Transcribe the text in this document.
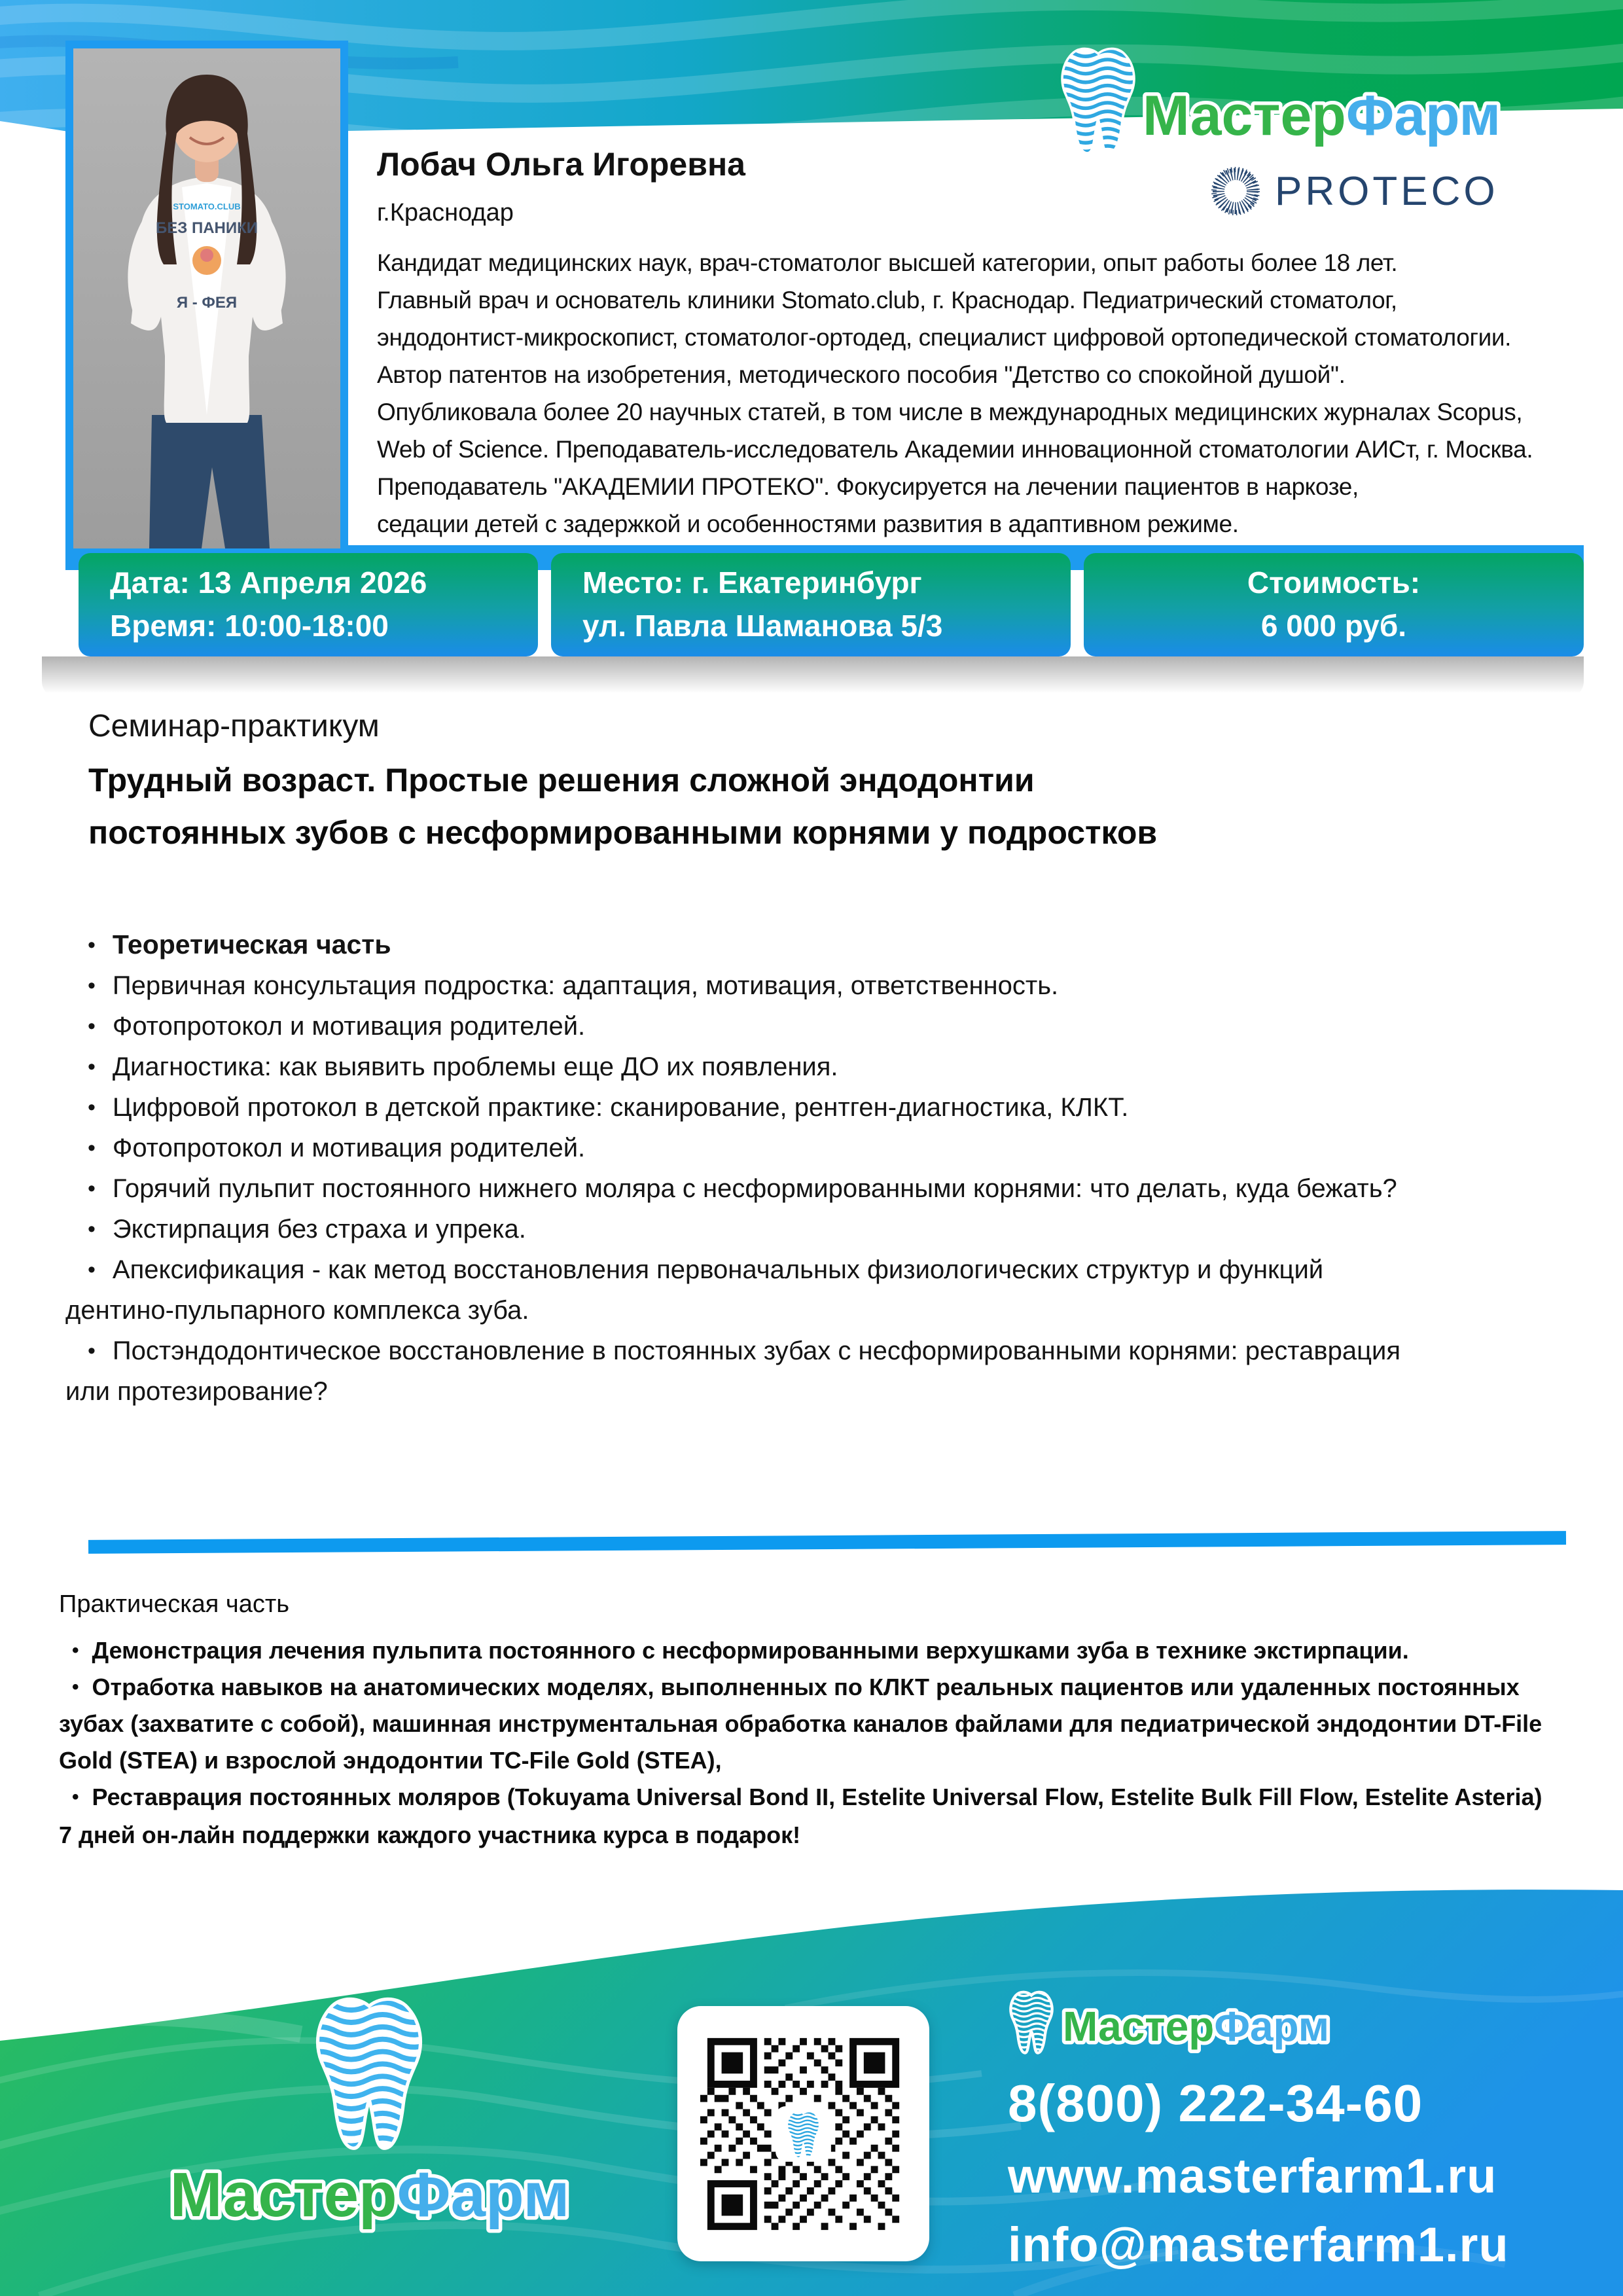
STOMATO.CLUB
БЕЗ ПАНИКИ
Я - ФЕЯ
МастерФарм
PROTECO
Лобач Ольга Игоревна
г.Краснодар
Кандидат медицинских наук, врач-стоматолог высшей категории, опыт работы более 18 лет.
Главный врач и основатель клиники Stomato.club, г. Краснодар. Педиатрический стоматолог,
эндодонтист-микроскопист, стоматолог-ортодед, специалист цифровой ортопедической стоматологии.
Автор патентов на изобретения, методического пособия "Детство со спокойной душой".
Опубликовала более 20 научных статей, в том числе в международных медицинских журналах Scopus,
Web of Science. Преподаватель-исследователь Академии инновационной стоматологии АИСт, г. Москва.
Преподаватель "АКАДЕМИИ ПРОТЕКО". Фокусируется на лечении пациентов в наркозе,
седации детей с задержкой и особенностями развития в адаптивном режиме.
Дата: 13 Апреля 2026
Время: 10:00-18:00
Место: г. Екатеринбург
ул. Павла Шаманова 5/3
Стоимость:
6 000 руб.
Семинар-практикум
Трудный возраст. Простые решения сложной эндодонтии
постоянных зубов с несформированными корнями у подростков
• Теоретическая часть
• Первичная консультация подростка: адаптация, мотивация, ответственность.
• Фотопротокол и мотивация родителей.
• Диагностика: как выявить проблемы еще ДО их появления.
• Цифровой протокол в детской практике: сканирование, рентген-диагностика, КЛКТ.
• Фотопротокол и мотивация родителей.
• Горячий пульпит постоянного нижнего моляра с несформированными корнями: что делать, куда бежать?
• Экстирпация без страха и упрека.
• Апексификация - как метод восстановления первоначальных физиологических структур и функций дентино-пульпарного комплекса зуба.
• Постэндодонтическое восстановление в постоянных зубах с несформированными корнями: реставрация или протезирование?
Практическая часть
• Демонстрация лечения пульпита постоянного с несформированными верхушками зуба в технике экстирпации.
• Отработка навыков на анатомических моделях, выполненных по КЛКТ реальных пациентов или удаленных постоянных зубах (захватите с собой), машинная инструментальная обработка каналов файлами для педиатрической эндодонтии DT-File Gold (STEA) и взрослой эндодонтии TC-File Gold (STEA),
• Реставрация постоянных моляров (Tokuyama Universal Bond II, Estelite Universal Flow, Estelite Bulk Fill Flow, Estelite Asteria)
7 дней он-лайн поддержки каждого участника курса в подарок!
МастерФарм
МастерФарм
8(800) 222-34-60
www.masterfarm1.ru
info@masterfarm1.ru
